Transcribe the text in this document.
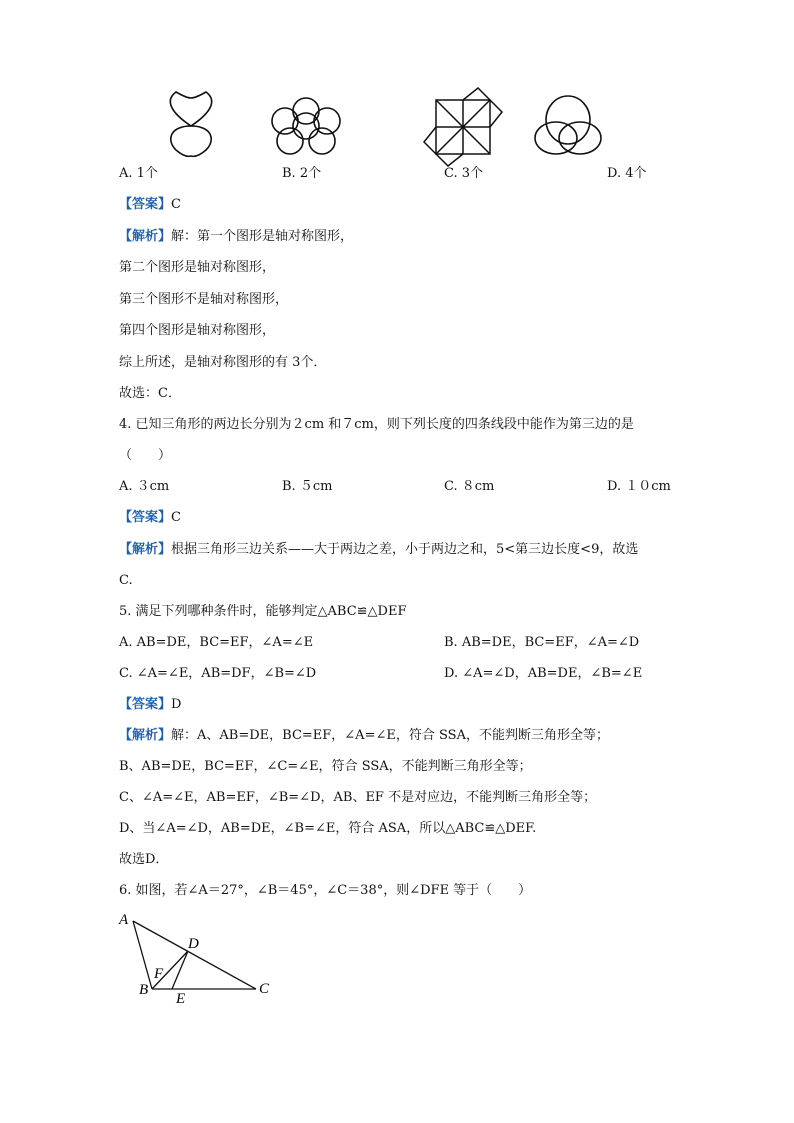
A. 1个	B. 2个	C. 3个	D. 4个
【答案】C
【解析】解：第一个图形是轴对称图形，
第二个图形是轴对称图形，
第三个图形不是轴对称图形，
第四个图形是轴对称图形，
综上所述，是轴对称图形的有 3个．
故选：C．
4. 已知三角形的两边长分别为２cm 和７cm，则下列长度的四条线段中能作为第三边的是
（　　）
A. ３cm	B. ５cm	C. ８cm	D. １０cm
【答案】C
【解析】根据三角形三边关系——大于两边之差，小于两边之和，5<第三边长度<9，故选
C.
5. 满足下列哪种条件时，能够判定△ABC≌△DEF
A. AB=DE，BC=EF，∠A=∠E	B. AB=DE，BC=EF，∠A=∠D
C. ∠A=∠E，AB=DF，∠B=∠D	D. ∠A=∠D，AB=DE，∠B=∠E
【答案】D
【解析】解：A、AB=DE，BC=EF，∠A=∠E，符合 SSA，不能判断三角形全等；
B、AB=DE，BC=EF，∠C=∠E，符合 SSA，不能判断三角形全等；
C、∠A=∠E，AB=EF，∠B=∠D，AB、EF 不是对应边，不能判断三角形全等；
D、当∠A=∠D，AB=DE，∠B=∠E，符合 ASA，所以△ABC≌△DEF.
故选D．
6. 如图，若∠A＝27°，∠B＝45°，∠C＝38°，则∠DFE 等于（　　）
A
D
F
B
E
C
